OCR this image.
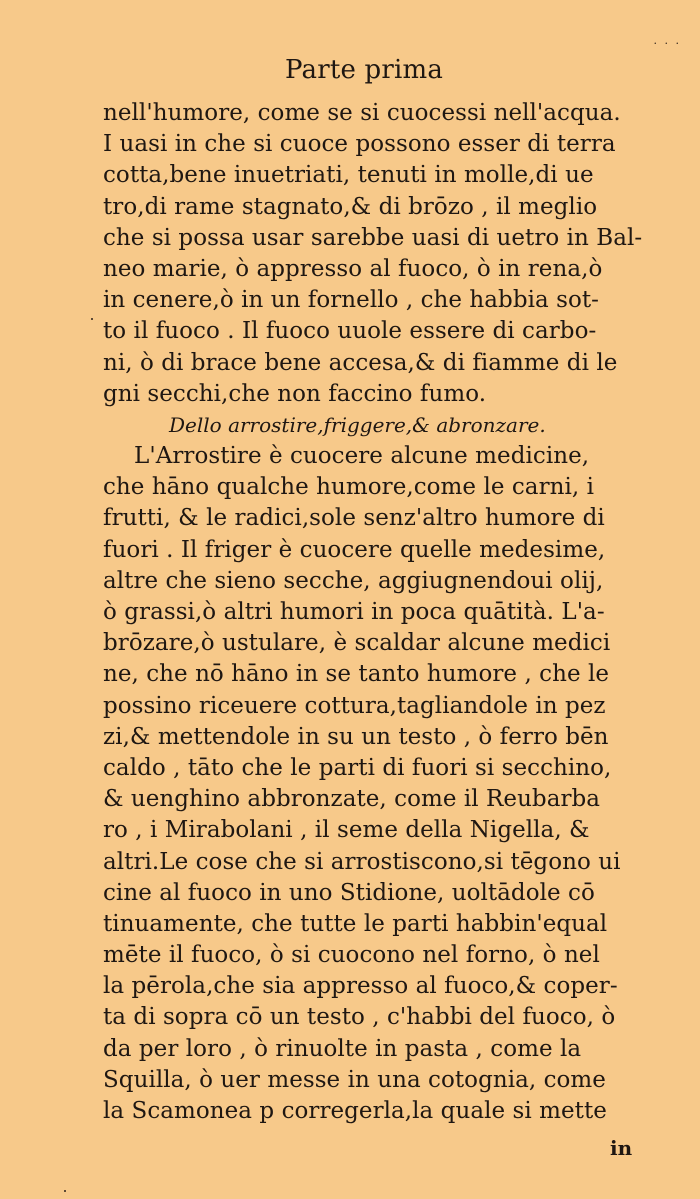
. . .
Parte prima
nell'humore, come se si cuocessi nell'acqua.
I uasi in che si cuoce possono esser di terra
cotta,bene inuetriati, tenuti in molle,di ue
tro,di rame stagnato,& di brōzo , il meglio
che si possa usar sarebbe uasi di uetro in Bal-
neo marie, ò appresso al fuoco, ò in rena,ò
in cenere,ò in un fornello , che habbia sot-
to il fuoco . Il fuoco uuole essere di carbo-
ni, ò di brace bene accesa,& di fiamme di le
gni secchi,che non faccino fumo.
Dello arrostire,friggere,& abronzare.
L'Arrostire è cuocere alcune medicine,
che hāno qualche humore,come le carni, i
frutti, & le radici,sole senz'altro humore di
fuori . Il friger è cuocere quelle medesime,
altre che sieno secche, aggiugnendoui olij,
ò grassi,ò altri humori in poca quātità. L'a-
brōzare,ò ustulare, è scaldar alcune medici
ne, che nō hāno in se tanto humore , che le
possino riceuere cottura,tagliandole in pez
zi,& mettendole in su un testo , ò ferro bēn
caldo , tāto che le parti di fuori si secchino,
& uenghino abbronzate, come il Reubarba
ro , i Mirabolani , il seme della Nigella, &
altri.Le cose che si arrostiscono,si tēgono ui
cine al fuoco in uno Stidione, uoltādole cō
tinuamente, che tutte le parti habbin'equal
mēte il fuoco, ò si cuocono nel forno, ò nel
la pērola,che sia appresso al fuoco,& coper-
ta di sopra cō un testo , c'habbi del fuoco, ò
da per loro , ò rinuolte in pasta , come la
Squilla, ò uer messe in una cotognia, come
la Scamonea p corregerla,la quale si mette
in
